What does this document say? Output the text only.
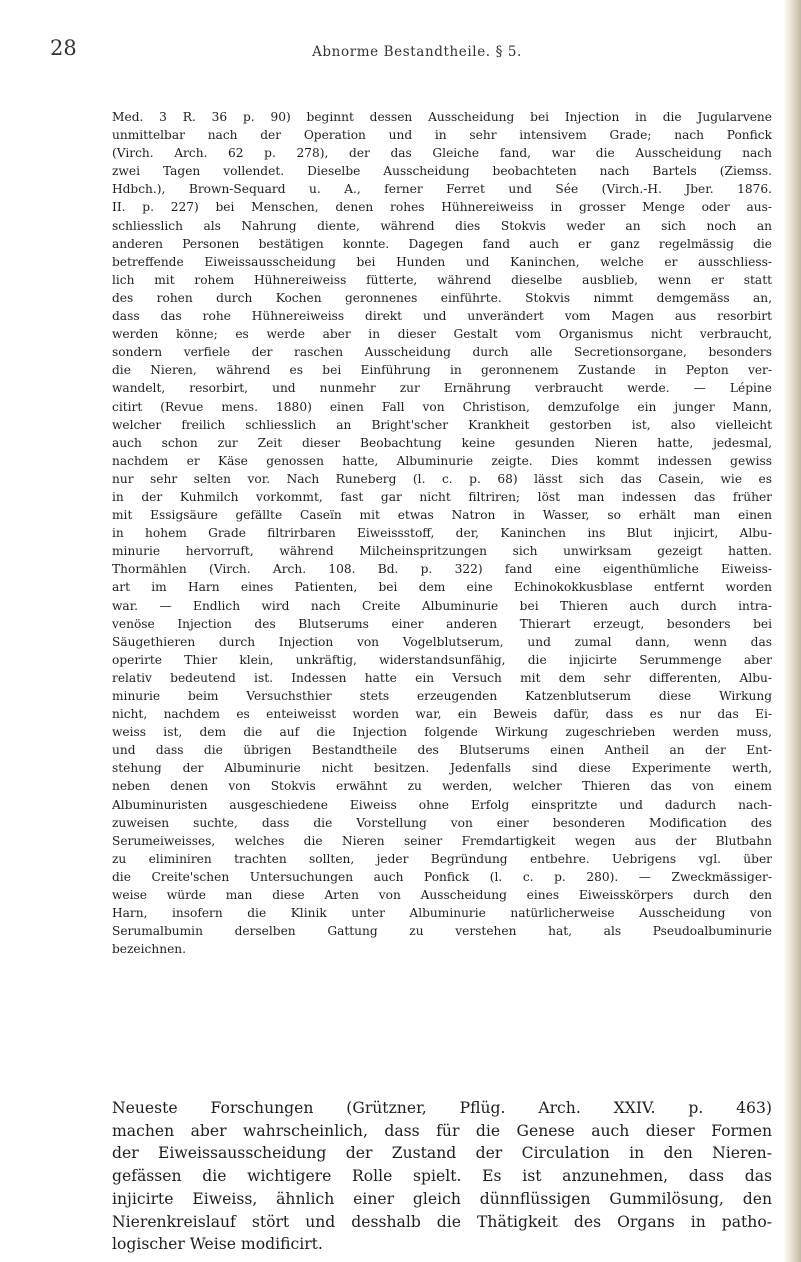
28	Abnorme Bestandtheile. § 5.
Med. 3 R. 36 p. 90) beginnt dessen Ausscheidung bei Injection in die Jugularvene
unmittelbar nach der Operation und in sehr intensivem Grade; nach Ponfick
(Virch. Arch. 62 p. 278), der das Gleiche fand, war die Ausscheidung nach
zwei Tagen vollendet. Dieselbe Ausscheidung beobachteten nach Bartels (Ziemss.
Hdbch.), Brown-Sequard u. A., ferner Ferret und Sée (Virch.-H. Jber. 1876.
II. p. 227) bei Menschen, denen rohes Hühnereiweiss in grosser Menge oder aus-
schliesslich als Nahrung diente, während dies Stokvis weder an sich noch an
anderen Personen bestätigen konnte. Dagegen fand auch er ganz regelmässig die
betreffende Eiweissausscheidung bei Hunden und Kaninchen, welche er ausschliess-
lich mit rohem Hühnereiweiss fütterte, während dieselbe ausblieb, wenn er statt
des rohen durch Kochen geronnenes einführte. Stokvis nimmt demgemäss an,
dass das rohe Hühnereiweiss direkt und unverändert vom Magen aus resorbirt
werden könne; es werde aber in dieser Gestalt vom Organismus nicht verbraucht,
sondern verfiele der raschen Ausscheidung durch alle Secretionsorgane, besonders
die Nieren, während es bei Einführung in geronnenem Zustande in Pepton ver-
wandelt, resorbirt, und nunmehr zur Ernährung verbraucht werde. — Lépine
citirt (Revue mens. 1880) einen Fall von Christison, demzufolge ein junger Mann,
welcher freilich schliesslich an Bright'scher Krankheit gestorben ist, also vielleicht
auch schon zur Zeit dieser Beobachtung keine gesunden Nieren hatte, jedesmal,
nachdem er Käse genossen hatte, Albuminurie zeigte. Dies kommt indessen gewiss
nur sehr selten vor. Nach Runeberg (l. c. p. 68) lässt sich das Casein, wie es
in der Kuhmilch vorkommt, fast gar nicht filtriren; löst man indessen das früher
mit Essigsäure gefällte Caseïn mit etwas Natron in Wasser, so erhält man einen
in hohem Grade filtrirbaren Eiweissstoff, der, Kaninchen ins Blut injicirt, Albu-
minurie hervorruft, während Milcheinspritzungen sich unwirksam gezeigt hatten.
Thormählen (Virch. Arch. 108. Bd. p. 322) fand eine eigenthümliche Eiweiss-
art im Harn eines Patienten, bei dem eine Echinokokkusblase entfernt worden
war. — Endlich wird nach Creite Albuminurie bei Thieren auch durch intra-
venöse Injection des Blutserums einer anderen Thierart erzeugt, besonders bei
Säugethieren durch Injection von Vogelblutserum, und zumal dann, wenn das
operirte Thier klein, unkräftig, widerstandsunfähig, die injicirte Serummenge aber
relativ bedeutend ist. Indessen hatte ein Versuch mit dem sehr differenten, Albu-
minurie beim Versuchsthier stets erzeugenden Katzenblutserum diese Wirkung
nicht, nachdem es enteiweisst worden war, ein Beweis dafür, dass es nur das Ei-
weiss ist, dem die auf die Injection folgende Wirkung zugeschrieben werden muss,
und dass die übrigen Bestandtheile des Blutserums einen Antheil an der Ent-
stehung der Albuminurie nicht besitzen. Jedenfalls sind diese Experimente werth,
neben denen von Stokvis erwähnt zu werden, welcher Thieren das von einem
Albuminuristen ausgeschiedene Eiweiss ohne Erfolg einspritzte und dadurch nach-
zuweisen suchte, dass die Vorstellung von einer besonderen Modification des
Serumeiweisses, welches die Nieren seiner Fremdartigkeit wegen aus der Blutbahn
zu eliminiren trachten sollten, jeder Begründung entbehre. Uebrigens vgl. über
die Creite'schen Untersuchungen auch Ponfick (l. c. p. 280). — Zweckmässiger-
weise würde man diese Arten von Ausscheidung eines Eiweisskörpers durch den
Harn, insofern die Klinik unter Albuminurie natürlicherweise Ausscheidung von
Serumalbumin derselben Gattung zu verstehen hat, als Pseudoalbuminurie
bezeichnen.
Neueste Forschungen (Grützner, Pflüg. Arch. XXIV. p. 463)
machen aber wahrscheinlich, dass für die Genese auch dieser Formen
der Eiweissausscheidung der Zustand der Circulation in den Nieren-
gefässen die wichtigere Rolle spielt. Es ist anzunehmen, dass das
injicirte Eiweiss, ähnlich einer gleich dünnflüssigen Gummilösung, den
Nierenkreislauf stört und desshalb die Thätigkeit des Organs in patho-
logischer Weise modificirt.
